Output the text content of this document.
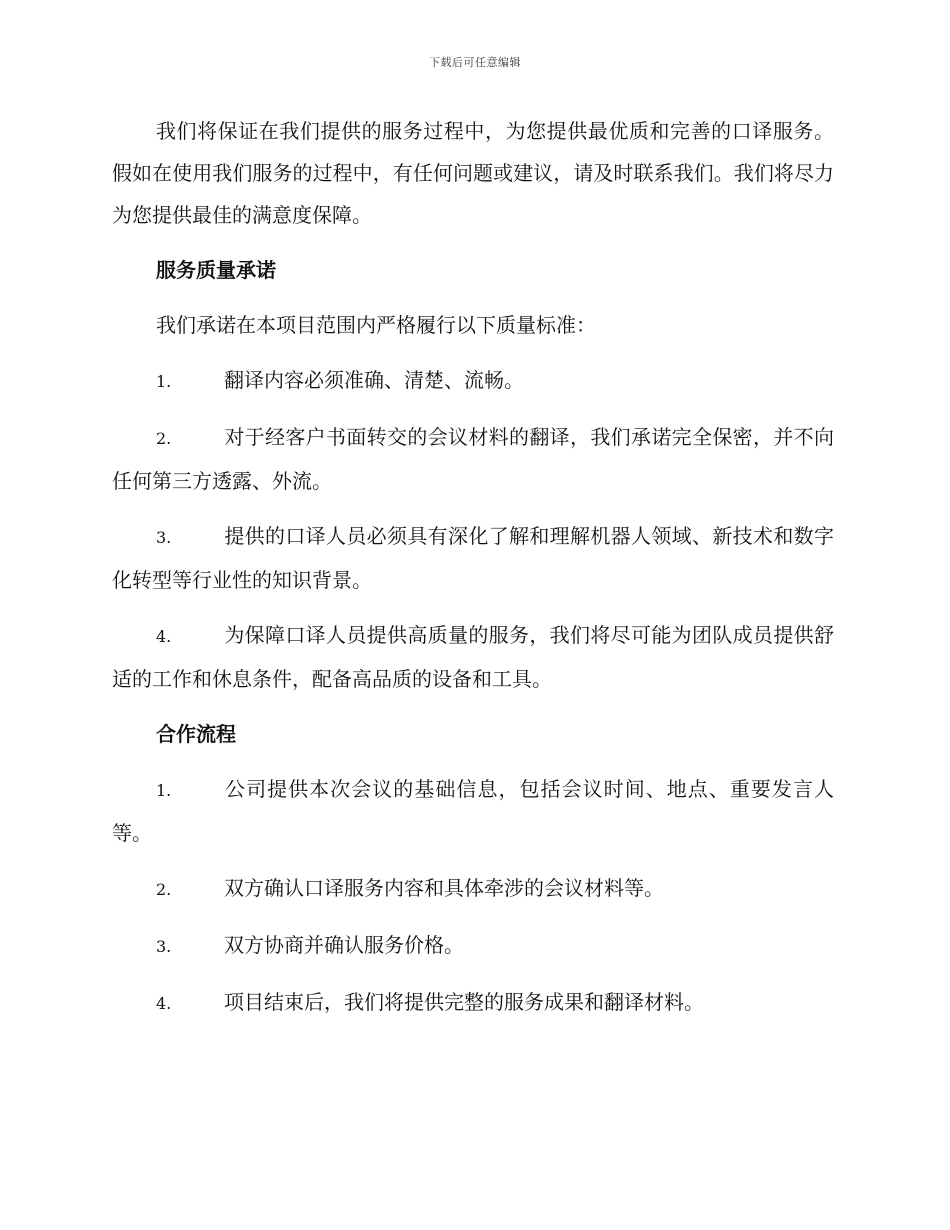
下载后可任意编辑

我们将保证在我们提供的服务过程中，为您提供最优质和完善的口译服务。假如在使用我们服务的过程中，有任何问题或建议，请及时联系我们。我们将尽力为您提供最佳的满意度保障。

服务质量承诺

我们承诺在本项目范围内严格履行以下质量标准：

1.	翻译内容必须准确、清楚、流畅。

2.	对于经客户书面转交的会议材料的翻译，我们承诺完全保密，并不向任何第三方透露、外流。

3.	提供的口译人员必须具有深化了解和理解机器人领域、新技术和数字化转型等行业性的知识背景。

4.	为保障口译人员提供高质量的服务，我们将尽可能为团队成员提供舒适的工作和休息条件，配备高品质的设备和工具。

合作流程

1.	公司提供本次会议的基础信息，包括会议时间、地点、重要发言人等。

2.	双方确认口译服务内容和具体牵涉的会议材料等。

3.	双方协商并确认服务价格。

4.	项目结束后，我们将提供完整的服务成果和翻译材料。
